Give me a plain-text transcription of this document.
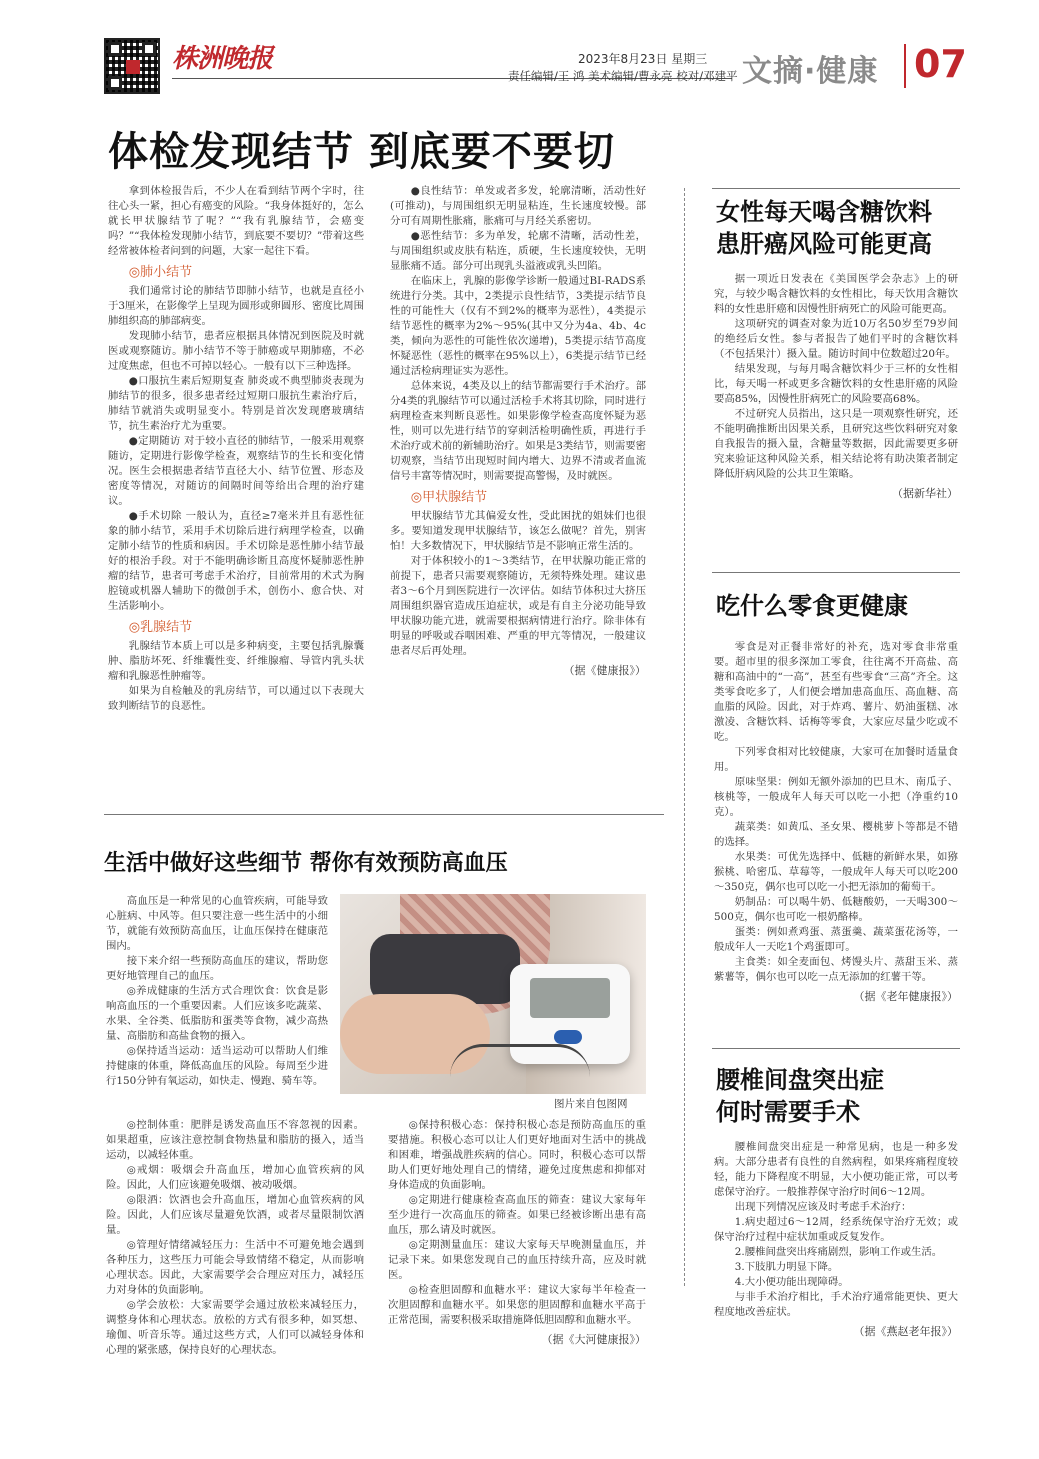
株洲晚报	2023年8月23日 星期三
责任编辑/王 鸿 美术编辑/曹永亮 校对/邓建平 文摘·健康 07
体检发现结节 到底要不要切

拿到体检报告后，不少人在看到结节两个字时，往往心头一紧，担心有癌变的风险。“我身体挺好的，怎么就长甲状腺结节了呢？”“我有乳腺结节，会癌变吗？”“我体检发现肺小结节，到底要不要切？”带着这些经常被体检者问到的问题，大家一起往下看。

◎肺小结节

我们通常讨论的肺结节即肺小结节，也就是直径小于3厘米，在影像学上呈现为圆形或卵圆形、密度比周围肺组织高的肺部病变。

发现肺小结节，患者应根据具体情况到医院及时就医或观察随访。肺小结节不等于肺癌或早期肺癌，不必过度焦虑，但也不可掉以轻心。一般有以下三种选择。

●口服抗生素后短期复查 肺炎或不典型肺炎表现为肺结节的很多，很多患者经过短期口服抗生素治疗后，肺结节就消失或明显变小。特别是首次发现磨玻璃结节，抗生素治疗尤为重要。

●定期随访 对于较小直径的肺结节，一般采用观察随访，定期进行影像学检查，观察结节的生长和变化情况。医生会根据患者结节直径大小、结节位置、形态及密度等情况，对随访的间隔时间等给出合理的治疗建议。

●手术切除 一般认为，直径≥7毫米并且有恶性征象的肺小结节，采用手术切除后进行病理学检查，以确定肺小结节的性质和病因。手术切除是恶性肺小结节最好的根治手段。对于不能明确诊断且高度怀疑肺恶性肿瘤的结节，患者可考虑手术治疗，目前常用的术式为胸腔镜或机器人辅助下的微创手术，创伤小、愈合快、对生活影响小。

◎乳腺结节

乳腺结节本质上可以是多种病变，主要包括乳腺囊肿、脂肪坏死、纤维囊性变、纤维腺瘤、导管内乳头状瘤和乳腺恶性肿瘤等。

如果为自检触及的乳房结节，可以通过以下表现大致判断结节的良恶性。

●良性结节：单发或者多发，轮廓清晰，活动性好(可推动)，与周围组织无明显粘连，生长速度较慢。部分可有周期性胀痛，胀痛可与月经关系密切。

●恶性结节：多为单发，轮廓不清晰，活动性差，与周围组织或皮肤有粘连，质硬，生长速度较快，无明显胀痛不适。部分可出现乳头溢液或乳头凹陷。

在临床上，乳腺的影像学诊断一般通过BI-RADS系统进行分类。其中，2类提示良性结节，3类提示结节良性的可能性大（仅有不到2%的概率为恶性），4类提示结节恶性的概率为2%～95%(其中又分为4a、4b、4c类，倾向为恶性的可能性依次递增)，5类提示结节高度怀疑恶性（恶性的概率在95%以上），6类提示结节已经通过活检病理证实为恶性。

总体来说，4类及以上的结节都需要行手术治疗。部分4类的乳腺结节可以通过活检手术将其切除，同时进行病理检查来判断良恶性。如果影像学检查高度怀疑为恶性，则可以先进行结节的穿刺活检明确性质，再进行手术治疗或术前的新辅助治疗。如果是3类结节，则需要密切观察，当结节出现短时间内增大、边界不清或者血流信号丰富等情况时，则需要提高警惕，及时就医。

◎甲状腺结节

甲状腺结节尤其偏爱女性，受此困扰的姐妹们也很多。要知道发现甲状腺结节，该怎么做呢？首先，别害怕！大多数情况下，甲状腺结节是不影响正常生活的。

对于体积较小的1～3类结节，在甲状腺功能正常的前提下，患者只需要观察随访，无须特殊处理。建议患者3～6个月到医院进行一次评估。如结节体积过大挤压周围组织器官造成压迫症状，或是有自主分泌功能导致甲状腺功能亢进，就需要根据病情进行治疗。除非体有明显的呼吸或吞咽困难、严重的甲亢等情况，一般建议患者尽后再处理。

（据《健康报》）
女性每天喝含糖饮料
患肝癌风险可能更高

据一项近日发表在《美国医学会杂志》上的研究，与较少喝含糖饮料的女性相比，每天饮用含糖饮料的女性患肝癌和因慢性肝病死亡的风险可能更高。

这项研究的调查对象为近10万名50岁至79岁间的绝经后女性。参与者报告了她们平时的含糖饮料（不包括果汁）摄入量。随访时间中位数超过20年。

结果发现，与每月喝含糖饮料少于三杯的女性相比，每天喝一杯或更多含糖饮料的女性患肝癌的风险要高85%，因慢性肝病死亡的风险要高68%。

不过研究人员指出，这只是一项观察性研究，还不能明确推断出因果关系，且研究这些饮料研究对象自我报告的摄入量，含糖量等数据，因此需要更多研究来验证这种风险关系，相关结论将有助决策者制定降低肝病风险的公共卫生策略。

（据新华社）
吃什么零食更健康

零食是对正餐非常好的补充，选对零食非常重要。超市里的很多深加工零食，往往离不开高盐、高糖和高油中的“一高”，甚至有些零食“三高”齐全。这类零食吃多了，人们便会增加患高血压、高血糖、高血脂的风险。因此，对于炸鸡、薯片、奶油蛋糕、冰激凌、含糖饮料、话梅等零食，大家应尽量少吃或不吃。

下列零食相对比较健康，大家可在加餐时适量食用。

原味坚果：例如无额外添加的巴旦木、南瓜子、核桃等，一般成年人每天可以吃一小把（净重约10克）。

蔬菜类：如黄瓜、圣女果、樱桃萝卜等都是不错的选择。

水果类：可优先选择中、低糖的新鲜水果，如猕猴桃、哈密瓜、草莓等，一般成年人每天可以吃200～350克，偶尔也可以吃一小把无添加的葡萄干。

奶制品：可以喝牛奶、低糖酸奶，一天喝300～500克，偶尔也可吃一根奶酪棒。

蛋类：例如煮鸡蛋、蒸蛋羹、蔬菜蛋花汤等，一般成年人一天吃1个鸡蛋即可。

主食类：如全麦面包、烤馒头片、蒸甜玉米、蒸紫薯等，偶尔也可以吃一点无添加的红薯干等。

（据《老年健康报》）
腰椎间盘突出症
何时需要手术

腰椎间盘突出症是一种常见病，也是一种多发病。大部分患者有良性的自然病程，如果疼痛程度较轻，能力下降程度不明显，大小便功能正常，可以考虑保守治疗。一般推荐保守治疗时间6～12周。

出现下列情况应该及时考虑手术治疗：

1.病史超过6～12周，经系统保守治疗无效；或保守治疗过程中症状加重或反复发作。

2.腰椎间盘突出疼痛剧烈，影响工作或生活。

3.下肢肌力明显下降。

4.大小便功能出现障碍。

与非手术治疗相比，手术治疗通常能更快、更大程度地改善症状。

（据《燕赵老年报》）
生活中做好这些细节 帮你有效预防高血压

高血压是一种常见的心血管疾病，可能导致心脏病、中风等。但只要注意一些生活中的小细节，就能有效预防高血压，让血压保持在健康范围内。

接下来介绍一些预防高血压的建议，帮助您更好地管理自己的血压。

◎养成健康的生活方式合理饮食：饮食是影响高血压的一个重要因素。人们应该多吃蔬菜、水果、全谷类、低脂肪和蛋类等食物，减少高热量、高脂肪和高盐食物的摄入。

◎保持适当运动：适当运动可以帮助人们维持健康的体重，降低高血压的风险。每周至少进行150分钟有氧运动，如快走、慢跑、骑车等。

图片来自包图网

◎控制体重：肥胖是诱发高血压不容忽视的因素。如果超重，应该注意控制食物热量和脂肪的摄入，适当运动，以减轻体重。

◎戒烟：吸烟会升高血压，增加心血管疾病的风险。因此，人们应该避免吸烟、被动吸烟。

◎限酒：饮酒也会升高血压，增加心血管疾病的风险。因此，人们应该尽量避免饮酒，或者尽量限制饮酒量。

◎管理好情绪减轻压力：生活中不可避免地会遇到各种压力，这些压力可能会导致情绪不稳定，从而影响心理状态。因此，大家需要学会合理应对压力，减轻压力对身体的负面影响。

◎学会放松：大家需要学会通过放松来减轻压力，调整身体和心理状态。放松的方式有很多种，如冥想、瑜伽、听音乐等。通过这些方式，人们可以减轻身体和心理的紧张感，保持良好的心理状态。

◎保持积极心态：保持积极心态是预防高血压的重要措施。积极心态可以让人们更好地面对生活中的挑战和困难，增强战胜疾病的信心。同时，积极心态可以帮助人们更好地处理自己的情绪，避免过度焦虑和抑郁对身体造成的负面影响。

◎定期进行健康检查高血压的筛查：建议大家每年至少进行一次高血压的筛查。如果已经被诊断出患有高血压，那么请及时就医。

◎定期测量血压：建议大家每天早晚测量血压，并记录下来。如果您发现自己的血压持续升高，应及时就医。

◎检查胆固醇和血糖水平：建议大家每半年检查一次胆固醇和血糖水平。如果您的胆固醇和血糖水平高于正常范围，需要积极采取措施降低胆固醇和血糖水平。

（据《大河健康报》）
